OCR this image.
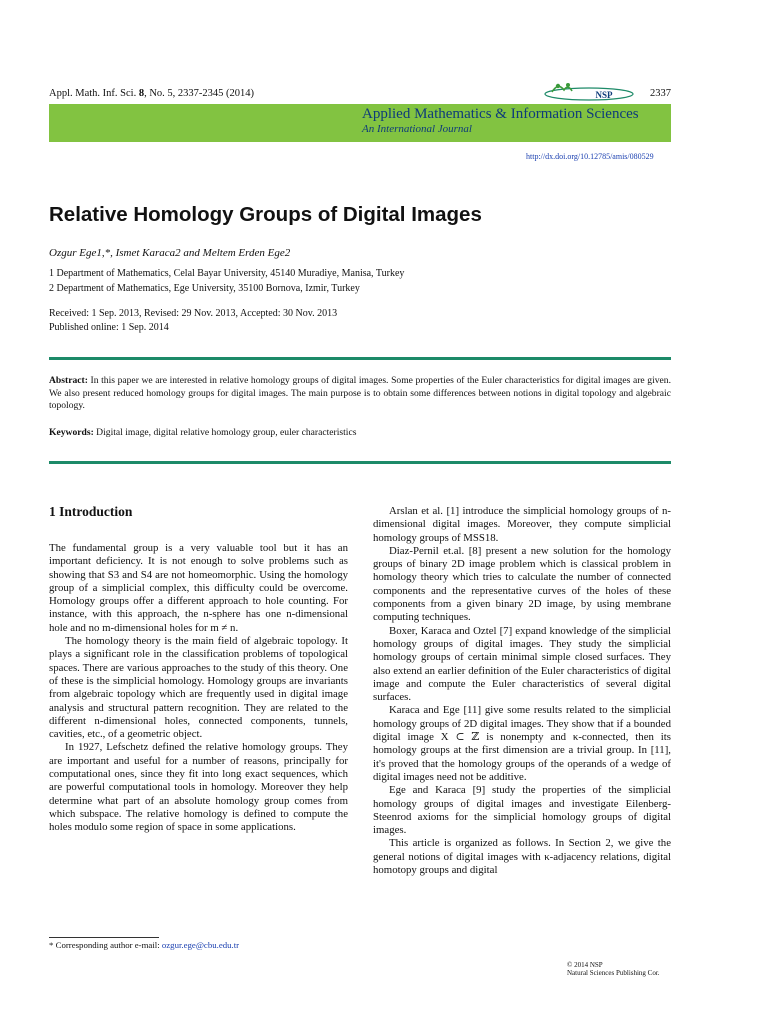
Appl. Math. Inf. Sci. 8, No. 5, 2337-2345 (2014)	NSP	2337
Applied Mathematics & Information Sciences
An International Journal
http://dx.doi.org/10.12785/amis/080529
Relative Homology Groups of Digital Images
Ozgur Ege1,*, Ismet Karaca2 and Meltem Erden Ege2
1 Department of Mathematics, Celal Bayar University, 45140 Muradiye, Manisa, Turkey
2 Department of Mathematics, Ege University, 35100 Bornova, Izmir, Turkey
Received: 1 Sep. 2013, Revised: 29 Nov. 2013, Accepted: 30 Nov. 2013
Published online: 1 Sep. 2014
Abstract: In this paper we are interested in relative homology groups of digital images. Some properties of the Euler characteristics for digital images are given. We also present reduced homology groups for digital images. The main purpose is to obtain some differences between notions in digital topology and algebraic topology.
Keywords: Digital image, digital relative homology group, euler characteristics
1 Introduction

The fundamental group is a very valuable tool but it has an important deficiency. It is not enough to solve problems such as showing that S3 and S4 are not homeomorphic. Using the homology group of a simplicial complex, this difficulty could be overcome. Homology groups offer a different approach to hole counting. For instance, with this approach, the n-sphere has one n-dimensional hole and no m-dimensional holes for m ≠ n.

The homology theory is the main field of algebraic topology. It plays a significant role in the classification problems of topological spaces. There are various approaches to the study of this theory. One of these is the simplicial homology. Homology groups are invariants from algebraic topology which are frequently used in digital image analysis and structural pattern recognition. They are related to the different n-dimensional holes, connected components, tunnels, cavities, etc., of a geometric object.

In 1927, Lefschetz defined the relative homology groups. They are important and useful for a number of reasons, principally for computational ones, since they fit into long exact sequences, which are powerful computational tools in homology. Moreover they help determine what part of an absolute homology group comes from which subspace. The relative homology is defined to compute the holes modulo some region of space in some applications.

Arslan et al. [1] introduce the simplicial homology groups of n-dimensional digital images. Moreover, they compute simplicial homology groups of MSS18.

Diaz-Pernil et.al. [8] present a new solution for the homology groups of binary 2D image problem which is classical problem in homology theory which tries to calculate the number of connected components and the representative curves of the holes of these components from a given binary 2D image, by using membrane computing techniques.

Boxer, Karaca and Oztel [7] expand knowledge of the simplicial homology groups of digital images. They study the simplicial homology groups of certain minimal simple closed surfaces. They also extend an earlier definition of the Euler characteristics of digital image and compute the Euler characteristics of several digital surfaces.

Karaca and Ege [11] give some results related to the simplicial homology groups of 2D digital images. They show that if a bounded digital image X ⊂ ℤ is nonempty and κ-connected, then its homology groups at the first dimension are a trivial group. In [11], it's proved that the homology groups of the operands of a wedge of digital images need not be additive.

Ege and Karaca [9] study the properties of the simplicial homology groups of digital images and investigate Eilenberg-Steenrod axioms for the simplicial homology groups of digital images.

This article is organized as follows. In Section 2, we give the general notions of digital images with κ-adjacency relations, digital homotopy groups and digital

* Corresponding author e-mail: ozgur.ege@cbu.edu.tr
© 2014 NSP
Natural Sciences Publishing Cor.
